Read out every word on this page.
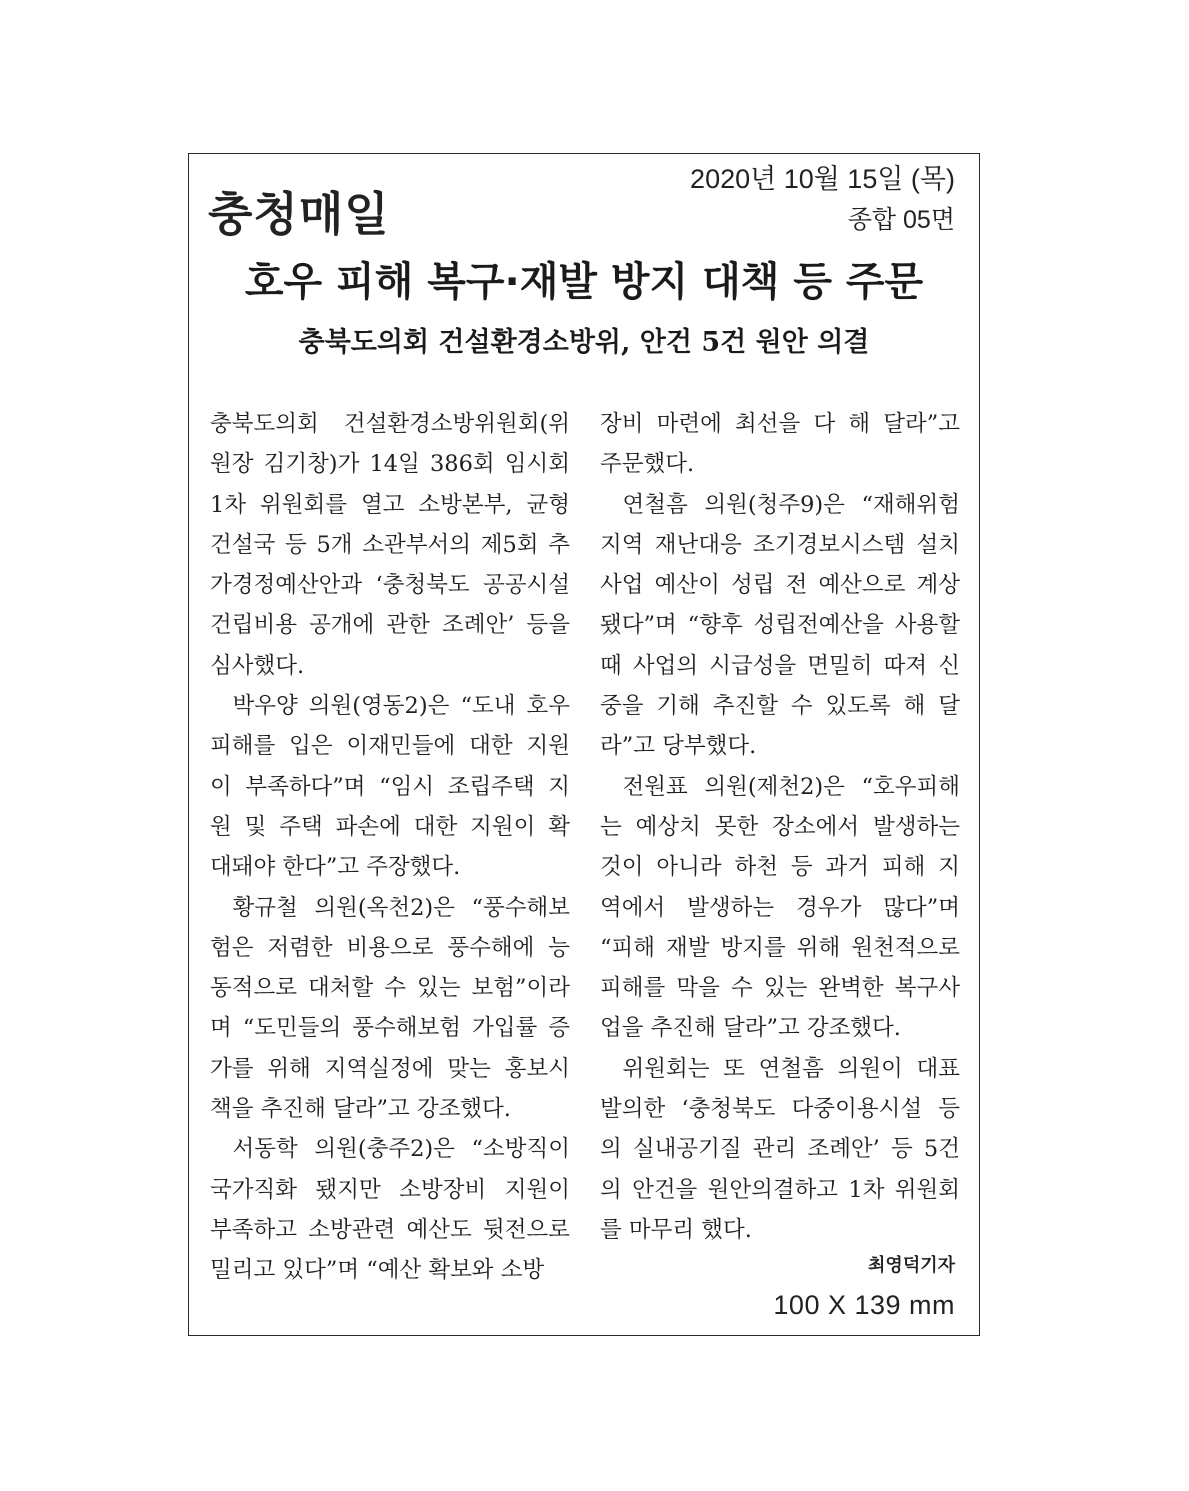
충청매일
2020년 10월 15일 (목)
종합 05면
호우 피해 복구·재발 방지 대책 등 주문
충북도의회 건설환경소방위, 안건 5건 원안 의결
충북도의회 건설환경소방위원회(위
원장 김기창)가 14일 386회 임시회
1차 위원회를 열고 소방본부, 균형
건설국 등 5개 소관부서의 제5회 추
가경정예산안과 ‘충청북도 공공시설
건립비용 공개에 관한 조례안’ 등을
심사했다.
  박우양 의원(영동2)은 “도내 호우
피해를 입은 이재민들에 대한 지원
이 부족하다”며 “임시 조립주택 지
원 및 주택 파손에 대한 지원이 확
대돼야 한다”고 주장했다.
  황규철 의원(옥천2)은 “풍수해보
험은 저렴한 비용으로 풍수해에 능
동적으로 대처할 수 있는 보험”이라
며 “도민들의 풍수해보험 가입률 증
가를 위해 지역실정에 맞는 홍보시
책을 추진해 달라”고 강조했다.
  서동학 의원(충주2)은 “소방직이
국가직화 됐지만 소방장비 지원이
부족하고 소방관련 예산도 뒷전으로
밀리고 있다”며 “예산 확보와 소방
장비 마련에 최선을 다 해 달라”고
주문했다.
  연철흠 의원(청주9)은 “재해위험
지역 재난대응 조기경보시스템 설치
사업 예산이 성립 전 예산으로 계상
됐다”며 “향후 성립전예산을 사용할
때 사업의 시급성을 면밀히 따져 신
중을 기해 추진할 수 있도록 해 달
라”고 당부했다.
  전원표 의원(제천2)은 “호우피해
는 예상치 못한 장소에서 발생하는
것이 아니라 하천 등 과거 피해 지
역에서 발생하는 경우가 많다”며
“피해 재발 방지를 위해 원천적으로
피해를 막을 수 있는 완벽한 복구사
업을 추진해 달라”고 강조했다.
  위원회는 또 연철흠 의원이 대표
발의한 ‘충청북도 다중이용시설 등
의 실내공기질 관리 조례안’ 등 5건
의 안건을 원안의결하고 1차 위원회
를 마무리 했다.
최영덕기자
100 X 139 mm
